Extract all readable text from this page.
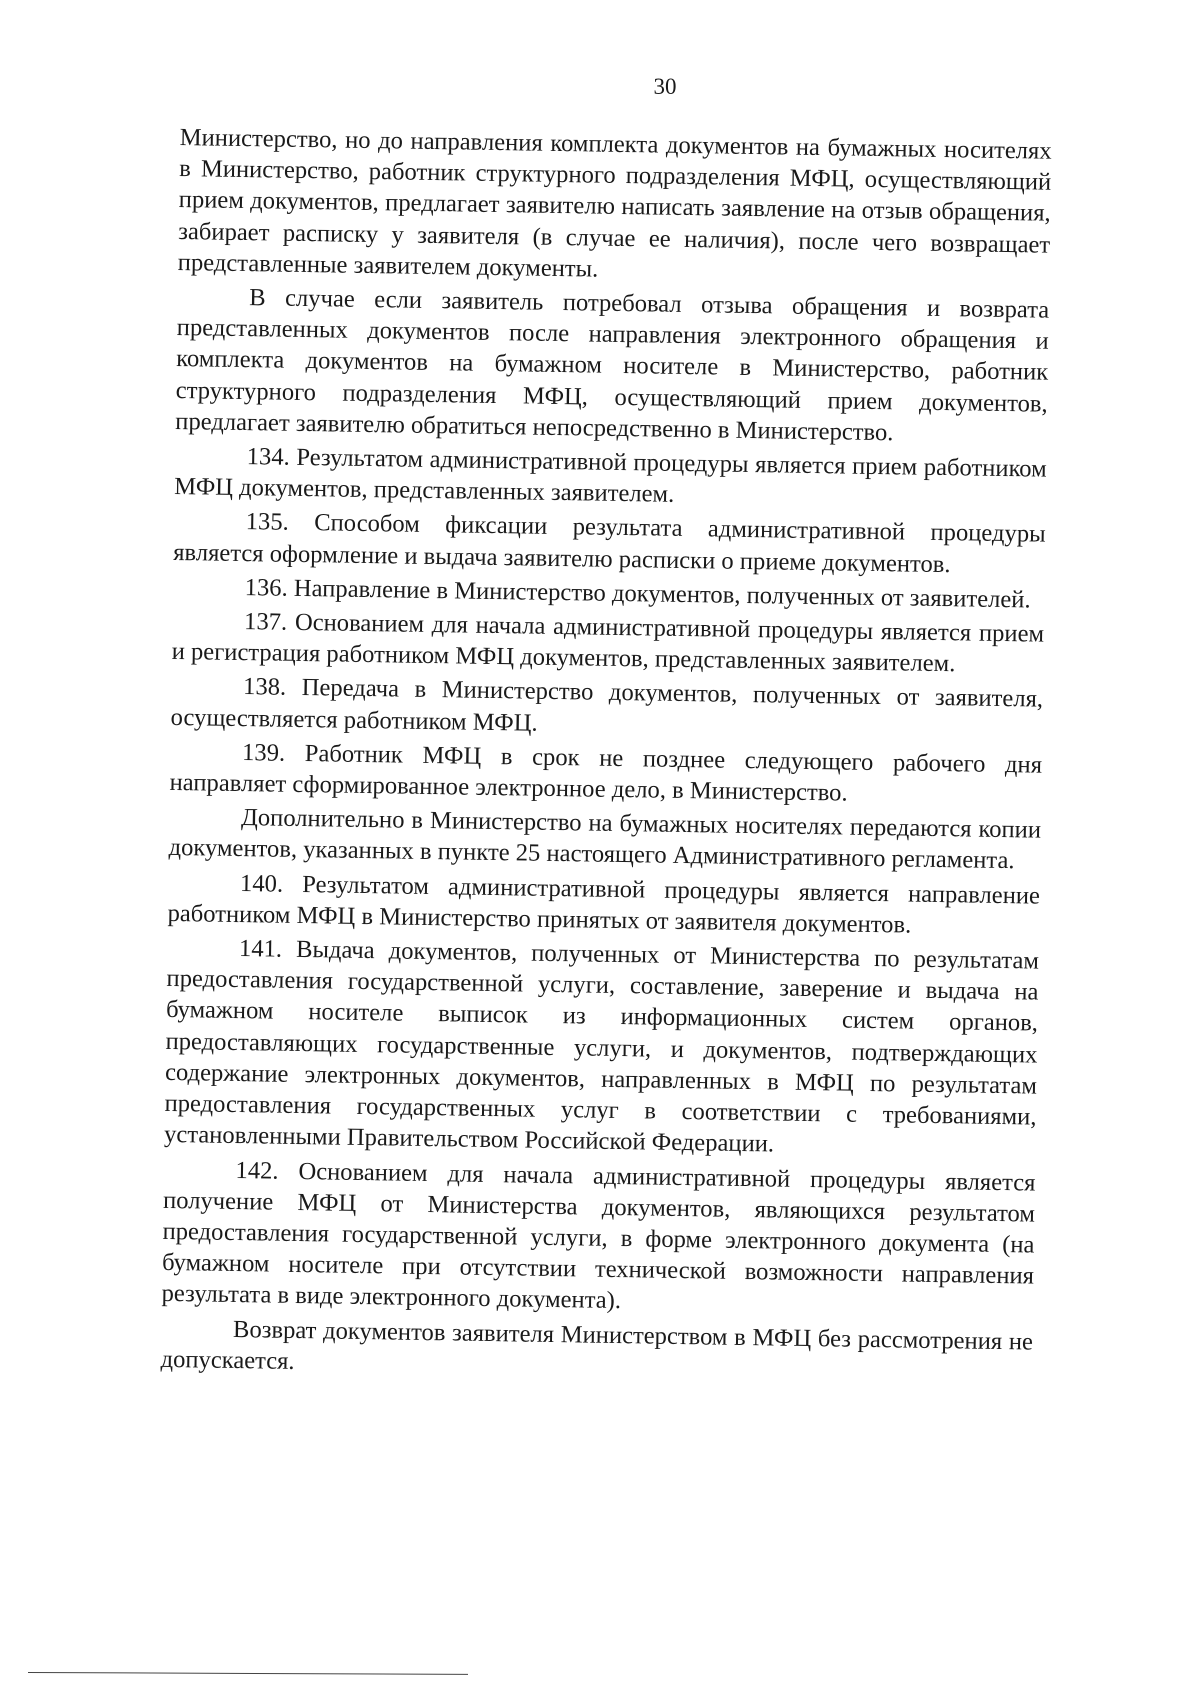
30

Министерство, но до направления комплекта документов на бумажных носителях в Министерство, работник структурного подразделения МФЦ, осуществляющий прием документов, предлагает заявителю написать заявление на отзыв обращения, забирает расписку у заявителя (в случае ее наличия), после чего возвращает представленные заявителем документы.

В случае если заявитель потребовал отзыва обращения и возврата представленных документов после направления электронного обращения и комплекта документов на бумажном носителе в Министерство, работник структурного подразделения МФЦ, осуществляющий прием документов, предлагает заявителю обратиться непосредственно в Министерство.

134. Результатом административной процедуры является прием работником МФЦ документов, представленных заявителем.

135. Способом фиксации результата административной процедуры является оформление и выдача заявителю расписки о приеме документов.

136. Направление в Министерство документов, полученных от заявителей.

137. Основанием для начала административной процедуры является прием и регистрация работником МФЦ документов, представленных заявителем.

138. Передача в Министерство документов, полученных от заявителя, осуществляется работником МФЦ.

139. Работник МФЦ в срок не позднее следующего рабочего дня направляет сформированное электронное дело, в Министерство.

Дополнительно в Министерство на бумажных носителях передаются копии документов, указанных в пункте 25 настоящего Административного регламента.

140. Результатом административной процедуры является направление работником МФЦ в Министерство принятых от заявителя документов.

141. Выдача документов, полученных от Министерства по результатам предоставления государственной услуги, составление, заверение и выдача на бумажном носителе выписок из информационных систем органов, предоставляющих государственные услуги, и документов, подтверждающих содержание электронных документов, направленных в МФЦ по результатам предоставления государственных услуг в соответствии с требованиями, установленными Правительством Российской Федерации.

142. Основанием для начала административной процедуры является получение МФЦ от Министерства документов, являющихся результатом предоставления государственной услуги, в форме электронного документа (на бумажном носителе при отсутствии технической возможности направления результата в виде электронного документа).

Возврат документов заявителя Министерством в МФЦ без рассмотрения не допускается.
